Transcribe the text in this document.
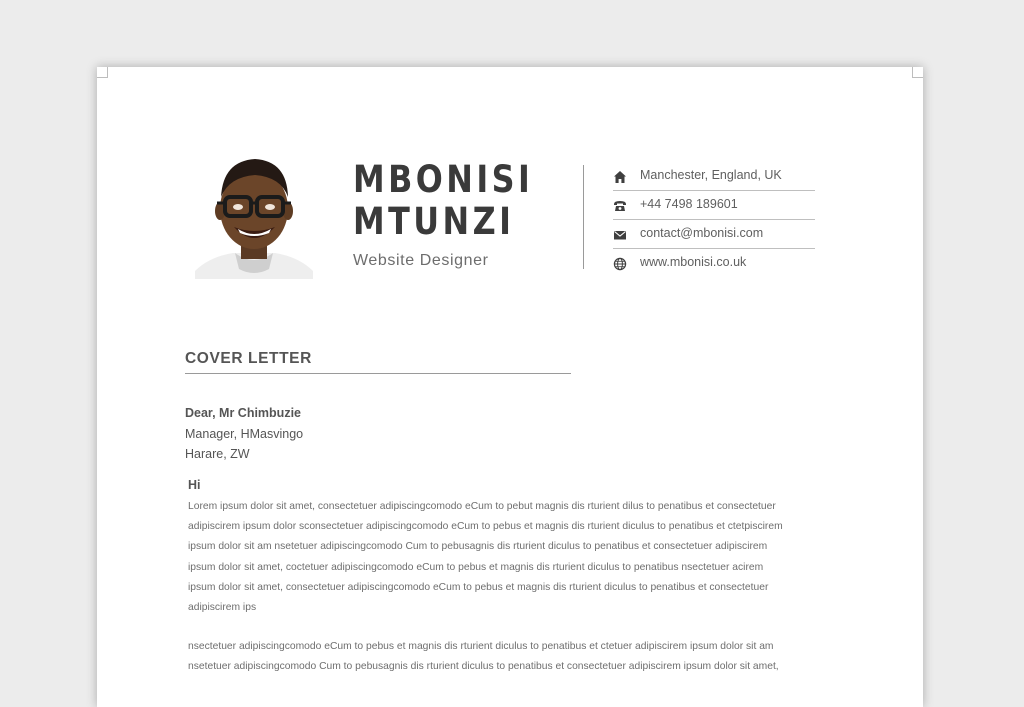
MBONISI
MTUNZI
Website Designer
Manchester, England, UK
+44 7498 189601
contact@mbonisi.com
www.mbonisi.co.uk
COVER LETTER
Dear, Mr Chimbuzie
Manager, HMasvingo
Harare, ZW
Hi
Lorem ipsum dolor sit amet, consectetuer adipiscingcomodo eCum to pebut magnis dis rturient dilus to penatibus et consectetuer
adipiscirem ipsum dolor sconsectetuer adipiscingcomodo eCum to pebus et magnis dis rturient diculus to penatibus et ctetpiscirem
ipsum dolor sit am nsetetuer adipiscingcomodo Cum to pebusagnis dis rturient diculus to penatibus et consectetuer adipiscirem
ipsum dolor sit amet, coctetuer adipiscingcomodo eCum to pebus et magnis dis rturient diculus to penatibus nsectetuer acirem
ipsum dolor sit amet, consectetuer adipiscingcomodo eCum to pebus et magnis dis rturient diculus to penatibus et consectetuer
adipiscirem ips
nsectetuer adipiscingcomodo eCum to pebus et magnis dis rturient diculus to penatibus et ctetuer adipiscirem ipsum dolor sit am
nsetetuer adipiscingcomodo Cum to pebusagnis dis rturient diculus to penatibus et consectetuer adipiscirem ipsum dolor sit amet,
